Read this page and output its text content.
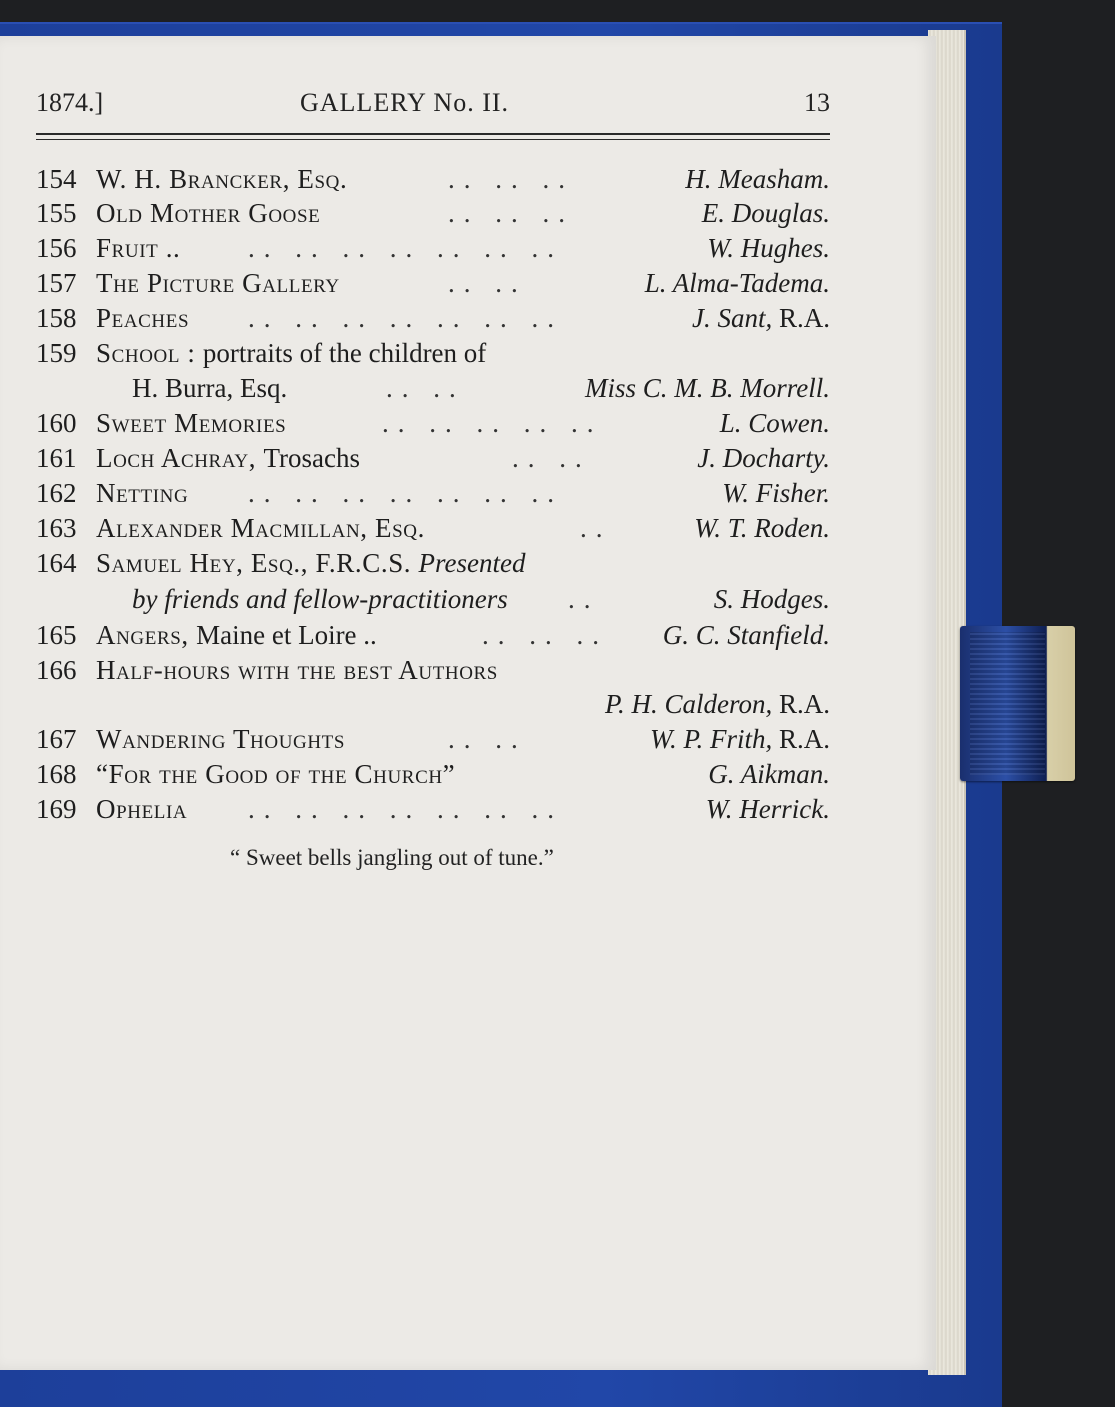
1874.]	GALLERY No. II.	13
154 W. H. Brancker, Esq.	.. .. ..	H. Measham.
155 Old Mother Goose	.. .. ..	E. Douglas.
156 Fruit ..	.. .. .. .. .. .. ..	W. Hughes.
157 The Picture Gallery	.. ..	L. Alma-Tadema.
158 Peaches .. .. .. .. .. .. ..	J. Sant, R.A.
159 School : portraits of the children of
H. Burra, Esq.	.. ..	Miss C. M. B. Morrell.
160 Sweet Memories	.. .. .. .. ..	L. Cowen.
161 Loch Achray, Trosachs	.. ..	J. Docharty.
162 Netting .. .. .. .. .. .. ..	W. Fisher.
163 Alexander Macmillan, Esq.	..	W. T. Roden.
164 Samuel Hey, Esq., F.R.C.S. Presented
by friends and fellow-practitioners ..	S. Hodges.
165 Angers, Maine et Loire ..	.. .. .. G. C. Stanfield.
166 Half-hours with the best Authors
P. H. Calderon, R.A.
167 Wandering Thoughts	.. ..	W. P. Frith, R.A.
168 “For the Good of the Church”	G. Aikman.
169 Ophelia .. .. .. .. .. .. ..	W. Herrick.
“ Sweet bells jangling out of tune.”
